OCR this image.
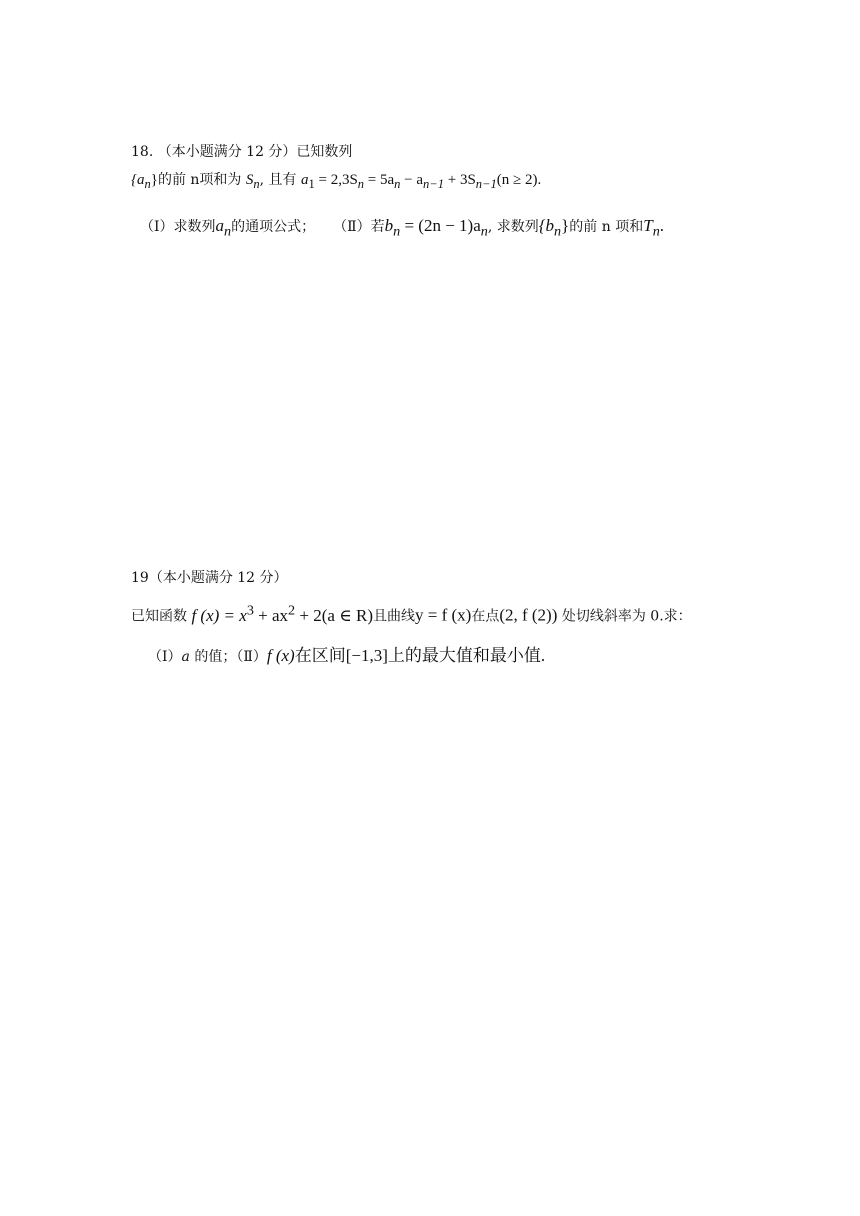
18. （本小题满分 12 分）已知数列
$\{a_n\}$的前 n项和为 $S_n$, 且有 $a_1 = 2,3S_n = 5a_n - a_{n-1} + 3S_{n-1}(n \ge 2)$.
（Ⅰ）求数列$a_n$的通项公式； （Ⅱ）若$b_n = (2n - 1)a_n$, 求数列$\{b_n\}$的前 n 项和$T_n$.
19（本小题满分 12 分）
已知函数 f $(x) = x^3 + ax^2 + 2(a$ ∈ R)且曲线y = f (x)在点(2, f (2)) 处切线斜率为 0.求：
（Ⅰ）a 的值；（Ⅱ）f (x)在区间[−1,3]上的最大值和最小值.
